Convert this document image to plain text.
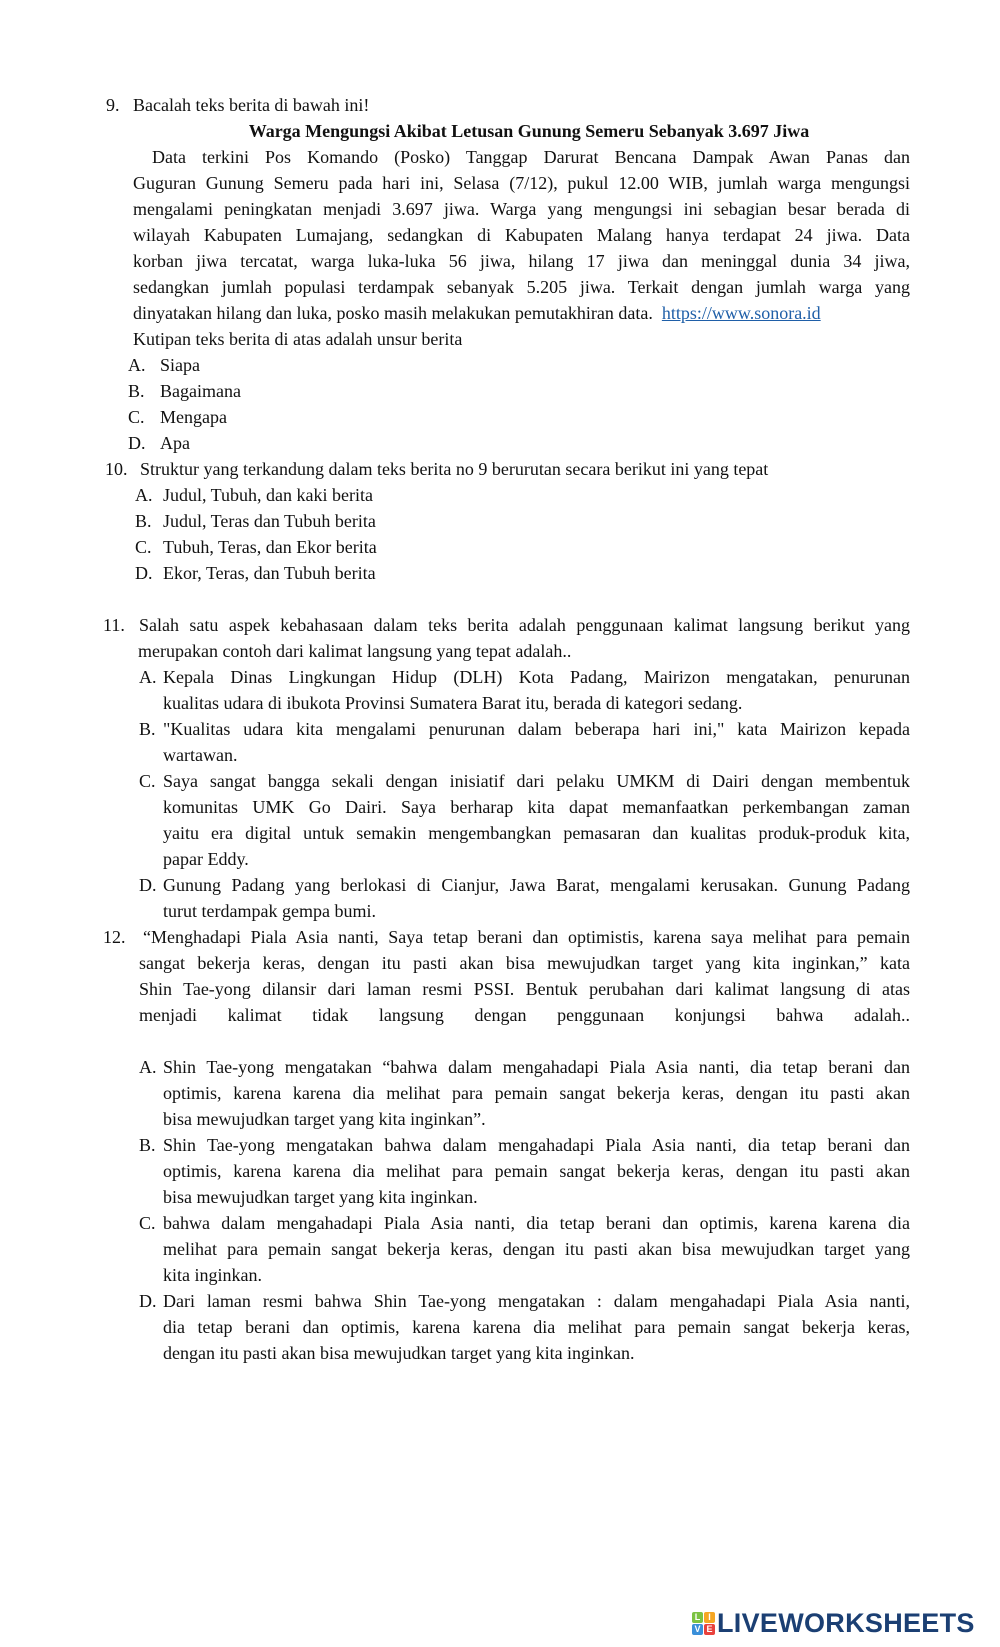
9. Bacalah teks berita di bawah ini!
Warga Mengungsi Akibat Letusan Gunung Semeru Sebanyak 3.697 Jiwa
Data terkini Pos Komando (Posko) Tanggap Darurat Bencana Dampak Awan Panas dan
Guguran Gunung Semeru pada hari ini, Selasa (7/12), pukul 12.00 WIB, jumlah warga mengungsi
mengalami peningkatan menjadi 3.697 jiwa. Warga yang mengungsi ini sebagian besar berada di
wilayah Kabupaten Lumajang, sedangkan di Kabupaten Malang hanya terdapat 24 jiwa. Data
korban jiwa tercatat, warga luka-luka 56 jiwa, hilang 17 jiwa dan meninggal dunia 34 jiwa,
sedangkan jumlah populasi terdampak sebanyak 5.205 jiwa. Terkait dengan jumlah warga yang
dinyatakan hilang dan luka, posko masih melakukan pemutakhiran data. https://www.sonora.id
Kutipan teks berita di atas adalah unsur berita
A. Siapa
B. Bagaimana
C. Mengapa
D. Apa
10. Struktur yang terkandung dalam teks berita no 9 berurutan secara berikut ini yang tepat
A. Judul, Tubuh, dan kaki berita
B. Judul, Teras dan Tubuh berita
C. Tubuh, Teras, dan Ekor berita
D. Ekor, Teras, dan Tubuh berita
11. Salah satu aspek kebahasaan dalam teks berita adalah penggunaan kalimat langsung berikut yang
merupakan contoh dari kalimat langsung yang tepat adalah..
A. Kepala Dinas Lingkungan Hidup (DLH) Kota Padang, Mairizon mengatakan, penurunan
kualitas udara di ibukota Provinsi Sumatera Barat itu, berada di kategori sedang.
B. "Kualitas udara kita mengalami penurunan dalam beberapa hari ini," kata Mairizon kepada
wartawan.
C. Saya sangat bangga sekali dengan inisiatif dari pelaku UMKM di Dairi dengan membentuk
komunitas UMK Go Dairi. Saya berharap kita dapat memanfaatkan perkembangan zaman
yaitu era digital untuk semakin mengembangkan pemasaran dan kualitas produk-produk kita,
papar Eddy.
D. Gunung Padang yang berlokasi di Cianjur, Jawa Barat, mengalami kerusakan. Gunung Padang
turut terdampak gempa bumi.
12. “Menghadapi Piala Asia nanti, Saya tetap berani dan optimistis, karena saya melihat para pemain
sangat bekerja keras, dengan itu pasti akan bisa mewujudkan target yang kita inginkan,” kata
Shin Tae-yong dilansir dari laman resmi PSSI. Bentuk perubahan dari kalimat langsung di atas
menjadi kalimat tidak langsung dengan penggunaan konjungsi bahwa adalah..
A. Shin Tae-yong mengatakan “bahwa dalam mengahadapi Piala Asia nanti, dia tetap berani dan
optimis, karena karena dia melihat para pemain sangat bekerja keras, dengan itu pasti akan
bisa mewujudkan target yang kita inginkan”.
B. Shin Tae-yong mengatakan bahwa dalam mengahadapi Piala Asia nanti, dia tetap berani dan
optimis, karena karena dia melihat para pemain sangat bekerja keras, dengan itu pasti akan
bisa mewujudkan target yang kita inginkan.
C. bahwa dalam mengahadapi Piala Asia nanti, dia tetap berani dan optimis, karena karena dia
melihat para pemain sangat bekerja keras, dengan itu pasti akan bisa mewujudkan target yang
kita inginkan.
D. Dari laman resmi bahwa Shin Tae-yong mengatakan : dalam mengahadapi Piala Asia nanti,
dia tetap berani dan optimis, karena karena dia melihat para pemain sangat bekerja keras,
dengan itu pasti akan bisa mewujudkan target yang kita inginkan.
L I
V E LIVEWORKSHEETS
